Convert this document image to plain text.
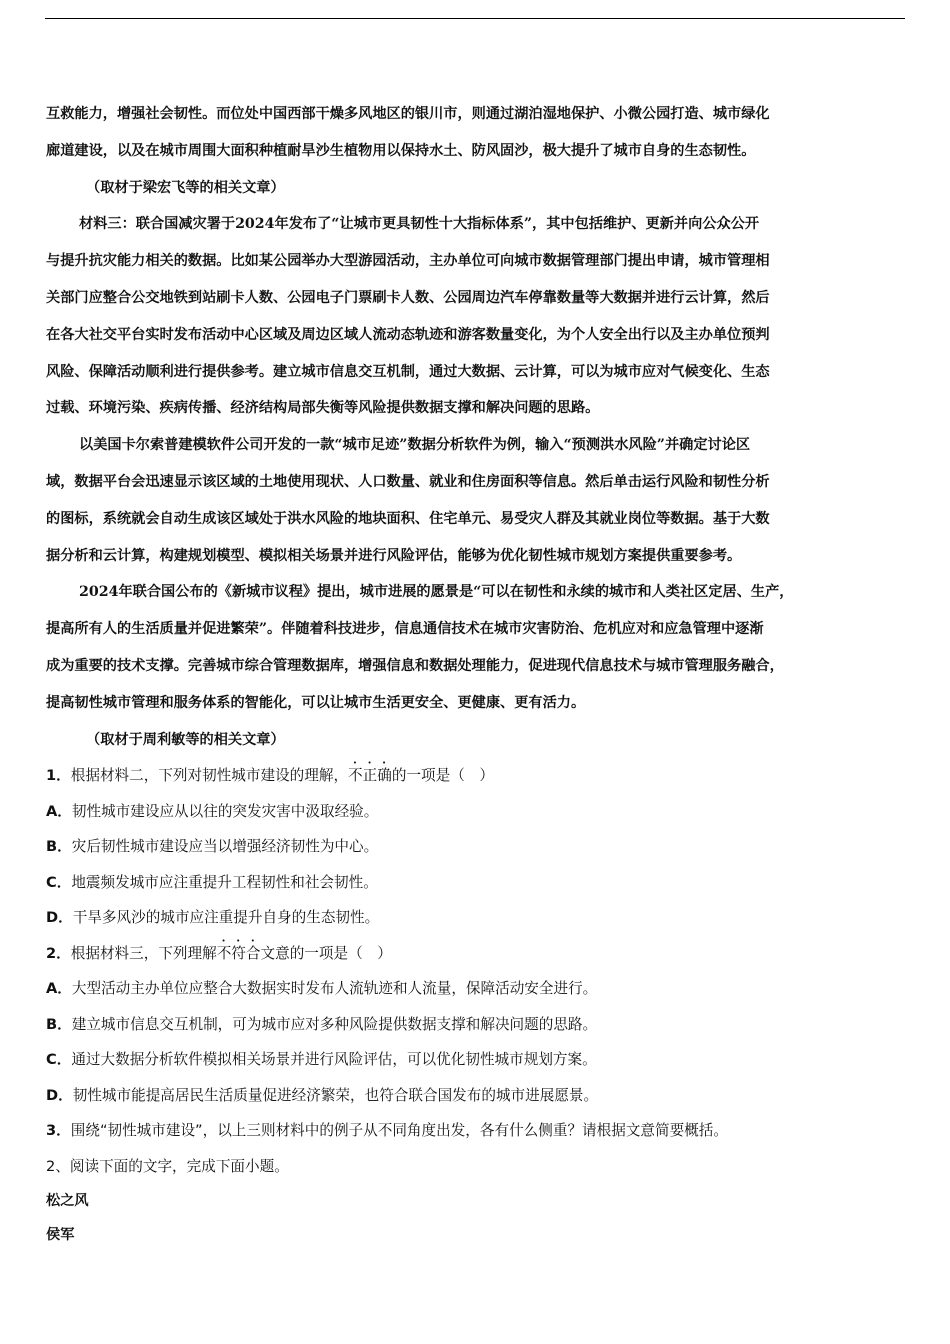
互救能力，增强社会韧性。而位处中国西部干燥多风地区的银川市，则通过湖泊湿地保护、小微公园打造、城市绿化
廊道建设，以及在城市周围大面积种植耐旱沙生植物用以保持水土、防风固沙，极大提升了城市自身的生态韧性。
（取材于梁宏飞等的相关文章）
材料三：联合国减灾署于2024年发布了“让城市更具韧性十大指标体系”，其中包括维护、更新并向公众公开
与提升抗灾能力相关的数据。比如某公园举办大型游园活动，主办单位可向城市数据管理部门提出申请，城市管理相
关部门应整合公交地铁到站刷卡人数、公园电子门票刷卡人数、公园周边汽车停靠数量等大数据并进行云计算，然后
在各大社交平台实时发布活动中心区域及周边区域人流动态轨迹和游客数量变化，为个人安全出行以及主办单位预判
风险、保障活动顺利进行提供参考。建立城市信息交互机制，通过大数据、云计算，可以为城市应对气候变化、生态
过载、环境污染、疾病传播、经济结构局部失衡等风险提供数据支撑和解决问题的思路。
以美国卡尔索普建模软件公司开发的一款“城市足迹”数据分析软件为例，输入“预测洪水风险”并确定讨论区
域，数据平台会迅速显示该区域的土地使用现状、人口数量、就业和住房面积等信息。然后单击运行风险和韧性分析
的图标，系统就会自动生成该区域处于洪水风险的地块面积、住宅单元、易受灾人群及其就业岗位等数据。基于大数
据分析和云计算，构建规划模型、模拟相关场景并进行风险评估，能够为优化韧性城市规划方案提供重要参考。
2024年联合国公布的《新城市议程》提出，城市进展的愿景是“可以在韧性和永续的城市和人类社区定居、生产，
提高所有人的生活质量并促进繁荣”。伴随着科技进步，信息通信技术在城市灾害防治、危机应对和应急管理中逐渐
成为重要的技术支撑。完善城市综合管理数据库，增强信息和数据处理能力，促进现代信息技术与城市管理服务融合，
提高韧性城市管理和服务体系的智能化，可以让城市生活更安全、更健康、更有活力。
（取材于周利敏等的相关文章）
1．根据材料二，下列对韧性城市建设的理解，不正确的一项是（　）
A．韧性城市建设应从以往的突发灾害中汲取经验。
B．灾后韧性城市建设应当以增强经济韧性为中心。
C．地震频发城市应注重提升工程韧性和社会韧性。
D．干旱多风沙的城市应注重提升自身的生态韧性。
2．根据材料三，下列理解不符合文意的一项是（　）
A．大型活动主办单位应整合大数据实时发布人流轨迹和人流量，保障活动安全进行。
B．建立城市信息交互机制，可为城市应对多种风险提供数据支撑和解决问题的思路。
C．通过大数据分析软件模拟相关场景并进行风险评估，可以优化韧性城市规划方案。
D．韧性城市能提高居民生活质量促进经济繁荣，也符合联合国发布的城市进展愿景。
3．围绕“韧性城市建设”，以上三则材料中的例子从不同角度出发，各有什么侧重？请根据文意简要概括。
2、阅读下面的文字，完成下面小题。
松之风
侯军
